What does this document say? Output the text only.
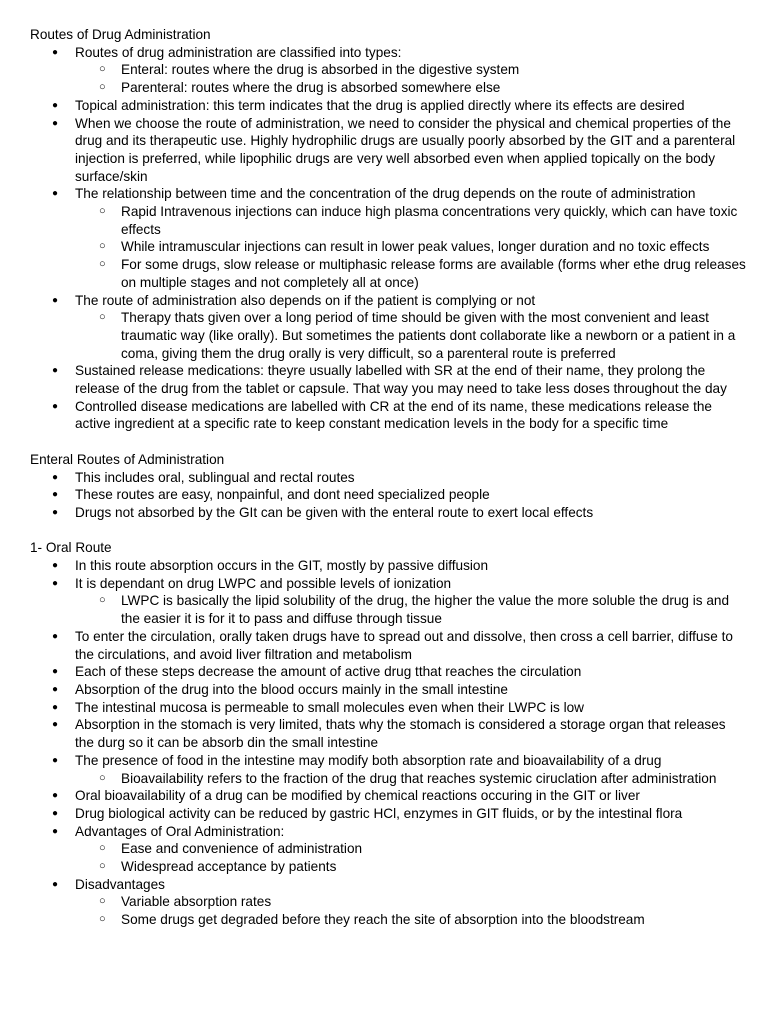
Routes of Drug Administration
● Routes of drug administration are classified into types:
○ Enteral: routes where the drug is absorbed in the digestive system
○ Parenteral: routes where the drug is absorbed somewhere else
● Topical administration: this term indicates that the drug is applied directly where its effects are desired
● When we choose the route of administration, we need to consider the physical and chemical properties of the drug and its therapeutic use. Highly hydrophilic drugs are usually poorly absorbed by the GIT and a parenteral injection is preferred, while lipophilic drugs are very well absorbed even when applied topically on the body surface/skin
● The relationship between time and the concentration of the drug depends on the route of administration
○ Rapid Intravenous injections can induce high plasma concentrations very quickly, which can have toxic effects
○ While intramuscular injections can result in lower peak values, longer duration and no toxic effects
○ For some drugs, slow release or multiphasic release forms are available (forms wher ethe drug releases on multiple stages and not completely all at once)
● The route of administration also depends on if the patient is complying or not
○ Therapy thats given over a long period of time should be given with the most convenient and least traumatic way (like orally). But sometimes the patients dont collaborate like a newborn or a patient in a coma, giving them the drug orally is very difficult, so a parenteral route is preferred
● Sustained release medications: theyre usually labelled with SR at the end of their name, they prolong the release of the drug from the tablet or capsule. That way you may need to take less doses throughout the day
● Controlled disease medications are labelled with CR at the end of its name, these medications release the active ingredient at a specific rate to keep constant medication levels in the body for a specific time
Enteral Routes of Administration
● This includes oral, sublingual and rectal routes
● These routes are easy, nonpainful, and dont need specialized people
● Drugs not absorbed by the GIt can be given with the enteral route to exert local effects
1- Oral Route
● In this route absorption occurs in the GIT, mostly by passive diffusion
● It is dependant on drug LWPC and possible levels of ionization
○ LWPC is basically the lipid solubility of the drug, the higher the value the more soluble the drug is and the easier it is for it to pass and diffuse through tissue
● To enter the circulation, orally taken drugs have to spread out and dissolve, then cross a cell barrier, diffuse to the circulations, and avoid liver filtration and metabolism
● Each of these steps decrease the amount of active drug tthat reaches the circulation
● Absorption of the drug into the blood occurs mainly in the small intestine
● The intestinal mucosa is permeable to small molecules even when their LWPC is low
● Absorption in the stomach is very limited, thats why the stomach is considered a storage organ that releases the durg so it can be absorb din the small intestine
● The presence of food in the intestine may modify both absorption rate and bioavailability of a drug
○ Bioavailability refers to the fraction of the drug that reaches systemic ciruclation after administration
● Oral bioavailability of a drug can be modified by chemical reactions occuring in the GIT or liver
● Drug biological activity can be reduced by gastric HCl, enzymes in GIT fluids, or by the intestinal flora
● Advantages of Oral Administration:
○ Ease and convenience of administration
○ Widespread acceptance by patients
● Disadvantages
○ Variable absorption rates
○ Some drugs get degraded before they reach the site of absorption into the bloodstream
